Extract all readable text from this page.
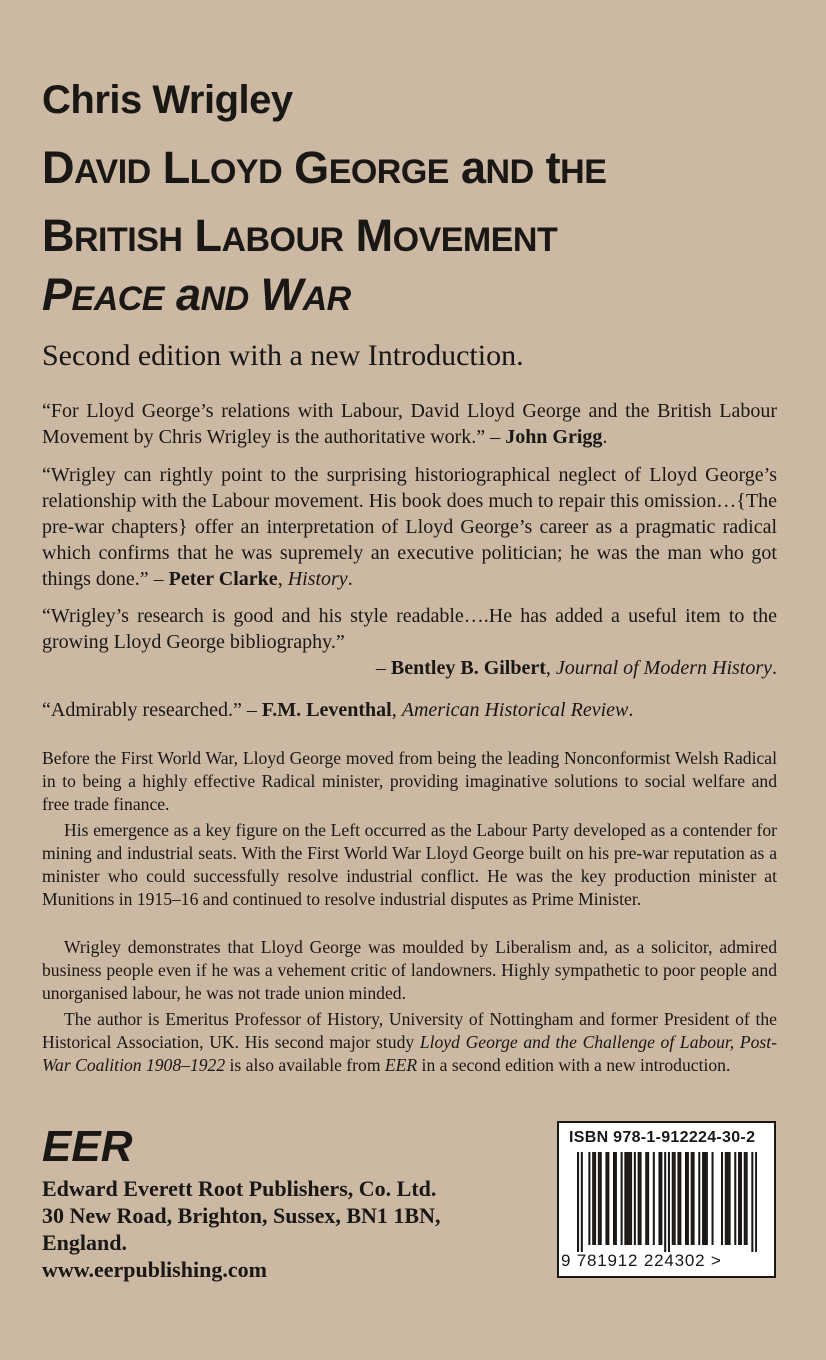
Chris Wrigley
DAVID LLOYD GEORGE aND tHE
BRITISH LABOUR MOVEMENT
PEACE aND WAR

Second edition with a new Introduction.

“For Lloyd George’s relations with Labour, David Lloyd George and the British Labour Movement by Chris Wrigley is the authoritative work.” – John Grigg.

“Wrigley can rightly point to the surprising historiographical neglect of Lloyd George’s relationship with the Labour movement. His book does much to repair this omission…{The pre-war chapters} offer an interpretation of Lloyd George’s career as a pragmatic radical which confirms that he was supremely an executive politician; he was the man who got things done.” – Peter Clarke, History.

“Wrigley’s research is good and his style readable….He has added a useful item to the growing Lloyd George bibliography.”
– Bentley B. Gilbert, Journal of Modern History.

“Admirably researched.” – F.M. Leventhal, American Historical Review.

Before the First World War, Lloyd George moved from being the leading Nonconformist Welsh Radical in to being a highly effective Radical minister, providing imaginative solutions to social welfare and free trade finance.

His emergence as a key figure on the Left occurred as the Labour Party developed as a contender for mining and industrial seats. With the First World War Lloyd George built on his pre-war reputation as a minister who could successfully resolve industrial conflict. He was the key production minister at Munitions in 1915–16 and continued to resolve industrial disputes as Prime Minister.

Wrigley demonstrates that Lloyd George was moulded by Liberalism and, as a solicitor, admired business people even if he was a vehement critic of landowners. Highly sympathetic to poor people and unorganised labour, he was not trade union minded.

The author is Emeritus Professor of History, University of Nottingham and former President of the Historical Association, UK. His second major study Lloyd George and the Challenge of Labour, Post-War Coalition 1908–1922 is also available from EER in a second edition with a new introduction.

EER
Edward Everett Root Publishers, Co. Ltd.
30 New Road, Brighton, Sussex, BN1 1BN,
England.
www.eerpublishing.com
ISBN 978-1-912224-30-2
9 781912 224302 >
